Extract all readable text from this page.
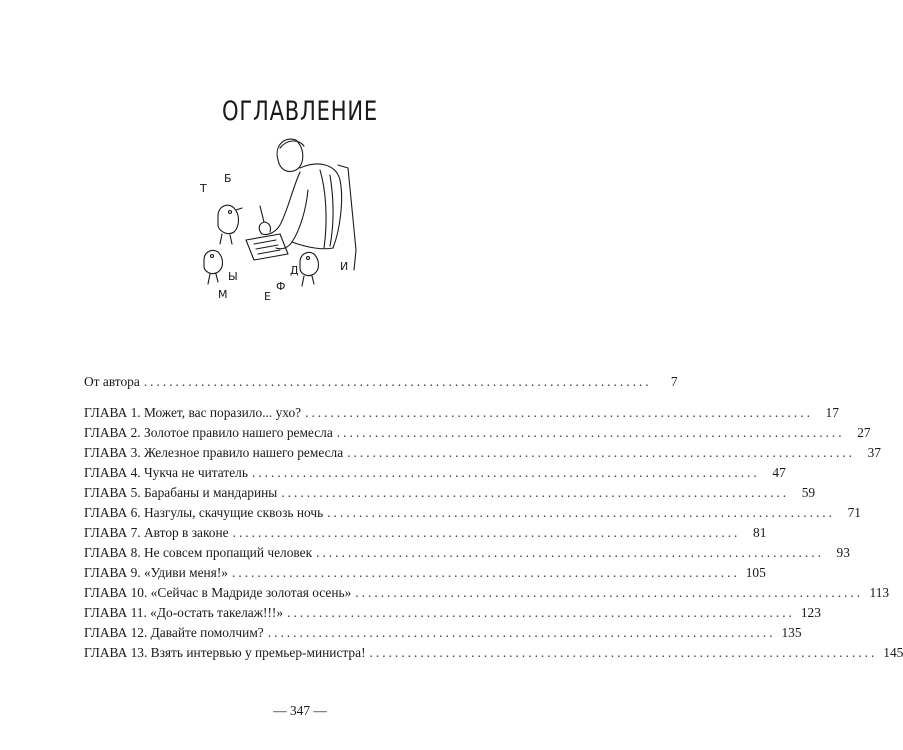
ОГЛАВЛЕНИЕ
Т
Б
М
Ы
Е
Ф
Д	И
От автора ................................................................................	7
ГЛАВА 1. Может, вас поразило... ухо? ................................................................................ 17
ГЛАВА 2. Золотое правило нашего ремесла ................................................................................ 27
ГЛАВА 3. Железное правило нашего ремесла ................................................................................ 37
ГЛАВА 4. Чукча не читатель ................................................................................ 47
ГЛАВА 5. Барабаны и мандарины ................................................................................ 59
ГЛАВА 6. Назгулы, скачущие сквозь ночь ................................................................................ 71
ГЛАВА 7. Автор в законе ................................................................................ 81
ГЛАВА 8. Не совсем пропащий человек ................................................................................ 93
ГЛАВА 9. «Удиви меня!» ................................................................................ 105
ГЛАВА 10. «Сейчас в Мадриде золотая осень» ................................................................................ 113
ГЛАВА 11. «До-остать такелаж!!!» ................................................................................ 123
ГЛАВА 12. Давайте помолчим? ................................................................................ 135
ГЛАВА 13. Взять интервью у премьер-министра! ................................................................................ 145
— 347 —
